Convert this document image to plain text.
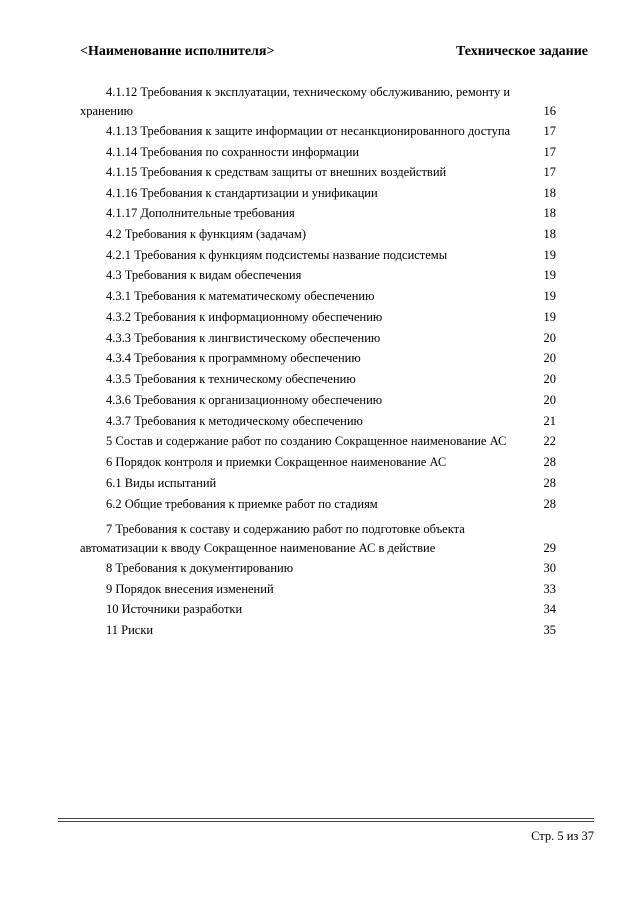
<Наименование исполнителя>	Техническое задание
4.1.12 Требования к эксплуатации, техническому обслуживанию, ремонту и
хранению	16
4.1.13 Требования к защите информации от несанкционированного доступа	17
4.1.14 Требования по сохранности информации	17
4.1.15 Требования к средствам защиты от внешних воздействий	17
4.1.16 Требования к стандартизации и унификации	18
4.1.17 Дополнительные требования	18
4.2 Требования к функциям (задачам)	18
4.2.1 Требования к функциям подсистемы название подсистемы	19
4.3 Требования к видам обеспечения	19
4.3.1 Требования к математическому обеспечению	19
4.3.2 Требования к информационному обеспечению	19
4.3.3 Требования к лингвистическому обеспечению	20
4.3.4 Требования к программному обеспечению	20
4.3.5 Требования к техническому обеспечению	20
4.3.6 Требования к организационному обеспечению	20
4.3.7 Требования к методическому обеспечению	21
5 Состав и содержание работ по созданию Сокращенное наименование АС	22
6 Порядок контроля и приемки Сокращенное наименование АС	28
6.1 Виды испытаний	28
6.2 Общие требования к приемке работ по стадиям	28
7 Требования к составу и содержанию работ по подготовке объекта
автоматизации к вводу Сокращенное наименование АС в действие	29
8 Требования к документированию	30
9 Порядок внесения изменений	33
10 Источники разработки	34
11 Риски	35
Стр. 5 из 37
